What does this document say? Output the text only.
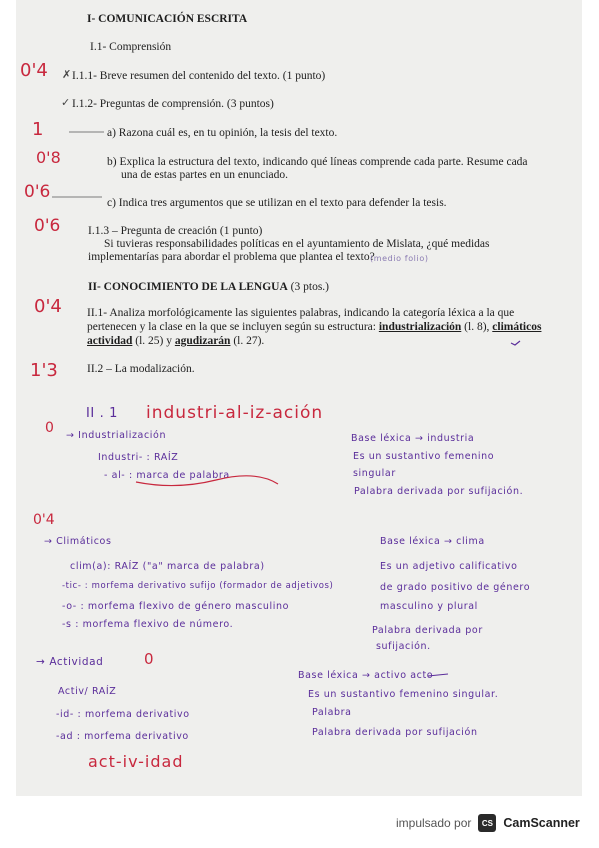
I- COMUNICACIÓN ESCRITA
I.1- Comprensión
✗ I.1.1- Breve resumen del contenido del texto. (1 punto)
✓ I.1.2- Preguntas de comprensión. (3 puntos)
a) Razona cuál es, en tu opinión, la tesis del texto.
b) Explica la estructura del texto, indicando qué líneas comprende cada parte. Resume cada
una de estas partes en un enunciado.
c) Indica tres argumentos que se utilizan en el texto para defender la tesis.
I.1.3 – Pregunta de creación (1 punto)
Si tuvieras responsabilidades políticas en el ayuntamiento de Mislata, ¿qué medidas
implementarías para abordar el problema que plantea el texto?
II- CONOCIMIENTO DE LA LENGUA (3 ptos.)
II.1- Analiza morfológicamente las siguientes palabras, indicando la categoría léxica a la que
pertenecen y la clase en la que se incluyen según su estructura: industrialización (l. 8), climáticos
actividad (l. 25) y agudizarán (l. 27).
II.2 – La modalización.
0'4
1
0'8
0'6
0'6
0'4
1'3
0
0'4
0
industri-al-iz-ación
act-iv-idad
(medio folio)
II . 1
→ Industrialización
Industri- : RAÍZ
- al- : marca de palabra
Base léxica → industria
Es un sustantivo femenino
singular
Palabra derivada por sufijación.
→ Climáticos
clim(a): RAÍZ ("a" marca de palabra)
-tic- : morfema derivativo sufijo (formador de adjetivos)
-o- : morfema flexivo de género masculino
-s : morfema flexivo de número.
Base léxica → clima
Es un adjetivo calificativo
de grado positivo de género
masculino y plural
Palabra derivada por
sufijación.
→ Actividad
Activ/ RAÍZ
-id- : morfema derivativo
-ad : morfema derivativo
Base léxica → activo acto
Es un sustantivo femenino singular.
Palabra
Palabra derivada por sufijación
impulsado por	CS CamScanner
